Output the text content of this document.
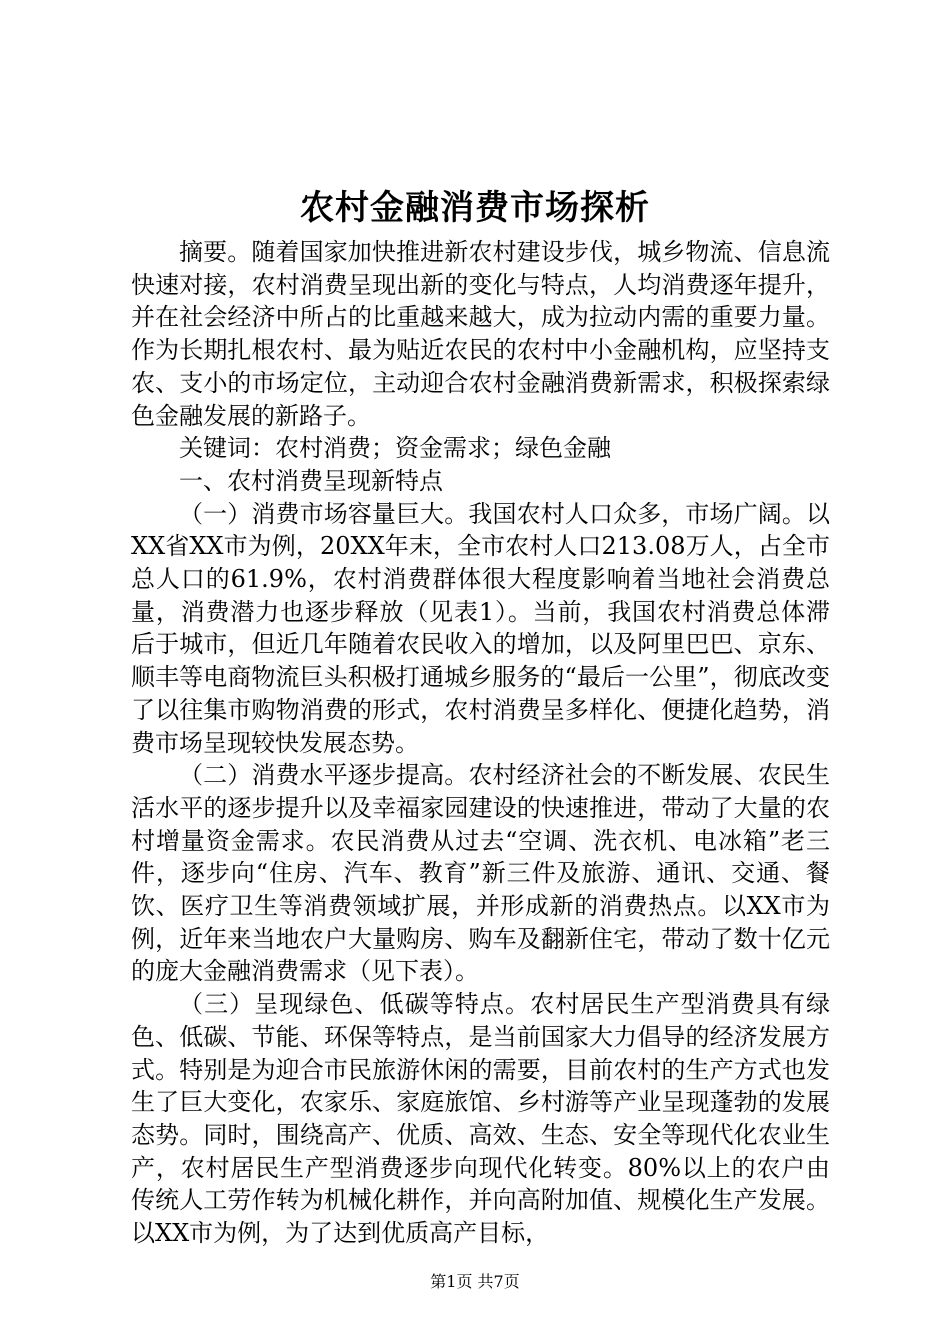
农村金融消费市场探析

摘要。随着国家加快推进新农村建设步伐，城乡物流、信息流快速对接，农村消费呈现出新的变化与特点，人均消费逐年提升，并在社会经济中所占的比重越来越大，成为拉动内需的重要力量。作为长期扎根农村、最为贴近农民的农村中小金融机构，应坚持支农、支小的市场定位，主动迎合农村金融消费新需求，积极探索绿色金融发展的新路子。

关键词：农村消费；资金需求；绿色金融

一、农村消费呈现新特点

（一）消费市场容量巨大。我国农村人口众多，市场广阔。以XX省XX市为例，20XX年末，全市农村人口213.08万人，占全市总人口的61.9%，农村消费群体很大程度影响着当地社会消费总量，消费潜力也逐步释放（见表1）。当前，我国农村消费总体滞后于城市，但近几年随着农民收入的增加，以及阿里巴巴、京东、顺丰等电商物流巨头积极打通城乡服务的“最后一公里”，彻底改变了以往集市购物消费的形式，农村消费呈多样化、便捷化趋势，消费市场呈现较快发展态势。

（二）消费水平逐步提高。农村经济社会的不断发展、农民生活水平的逐步提升以及幸福家园建设的快速推进，带动了大量的农村增量资金需求。农民消费从过去“空调、洗衣机、电冰箱”老三件，逐步向“住房、汽车、教育”新三件及旅游、通讯、交通、餐饮、医疗卫生等消费领域扩展，并形成新的消费热点。以XX市为例，近年来当地农户大量购房、购车及翻新住宅，带动了数十亿元的庞大金融消费需求（见下表）。

（三）呈现绿色、低碳等特点。农村居民生产型消费具有绿色、低碳、节能、环保等特点，是当前国家大力倡导的经济发展方式。特别是为迎合市民旅游休闲的需要，目前农村的生产方式也发生了巨大变化，农家乐、家庭旅馆、乡村游等产业呈现蓬勃的发展态势。同时，围绕高产、优质、高效、生态、安全等现代化农业生产，农村居民生产型消费逐步向现代化转变。80%以上的农户由传统人工劳作转为机械化耕作，并向高附加值、规模化生产发展。以XX市为例，为了达到优质高产目标，

第1页 共7页
